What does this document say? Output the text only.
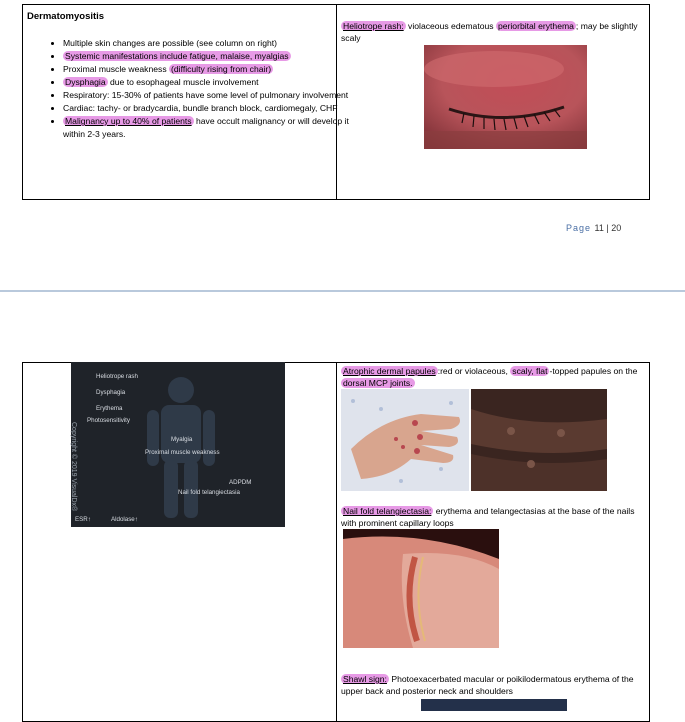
Dermatomyositis
• Multiple skin changes are possible (see column on right)
• Systemic manifestations include fatigue, malaise, myalgias
• Proximal muscle weakness (difficulty rising from chair)
• Dysphagia due to esophageal muscle involvement
• Respiratory: 15-30% of patients have some level of pulmonary involvement
• Cardiac: tachy- or bradycardia, bundle branch block, cardiomegaly, CHF
• Malignancy up to 40% of patients have occult malignancy or will develop it within 2-3 years.
Heliotrope rash: violaceous edematous periorbital erythema ; may be slightly scaly
Page 11 | 20
Copyright © 2019 VisualDx®
Heliotrope rash
Dysphagia
Erythema
Photosensitivity
Myalgia
Proximal muscle weakness
ADPDM
Nail fold telangiectasia
ESR↑	Aldolase↑
Atrophic dermal papules :red or violaceous, scaly, flat -topped papules on the dorsal MCP joints.
Nail fold telangiectasia: erythema and telangectasias at the base of the nails with prominent capillary loops
Shawl sign: Photoexacerbated macular or poikilodermatous erythema of the upper back and posterior neck and shoulders
